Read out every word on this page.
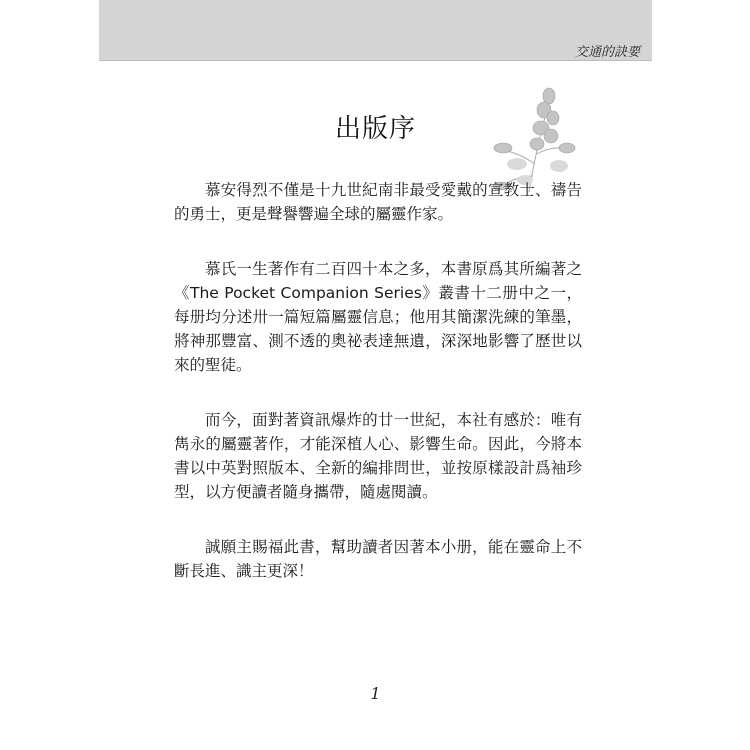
交通的訣要
出版序

慕安得烈不僅是十九世紀南非最受愛戴的宣教士、禱告的勇士，更是聲譽響遍全球的屬靈作家。

慕氏一生著作有二百四十本之多，本書原爲其所編著之《The Pocket Companion Series》叢書十二册中之一，每册均分述卅一篇短篇屬靈信息；他用其簡潔洗練的筆墨，將神那豐富、測不透的奧祕表達無遺，深深地影響了歷世以來的聖徒。

而今，面對著資訊爆炸的廿一世紀，本社有感於：唯有雋永的屬靈著作，才能深植人心、影響生命。因此，今將本書以中英對照版本、全新的編排問世，並按原樣設計爲袖珍型，以方便讀者隨身攜帶，隨處閱讀。

誠願主賜福此書，幫助讀者因著本小册，能在靈命上不斷長進、識主更深！

1
